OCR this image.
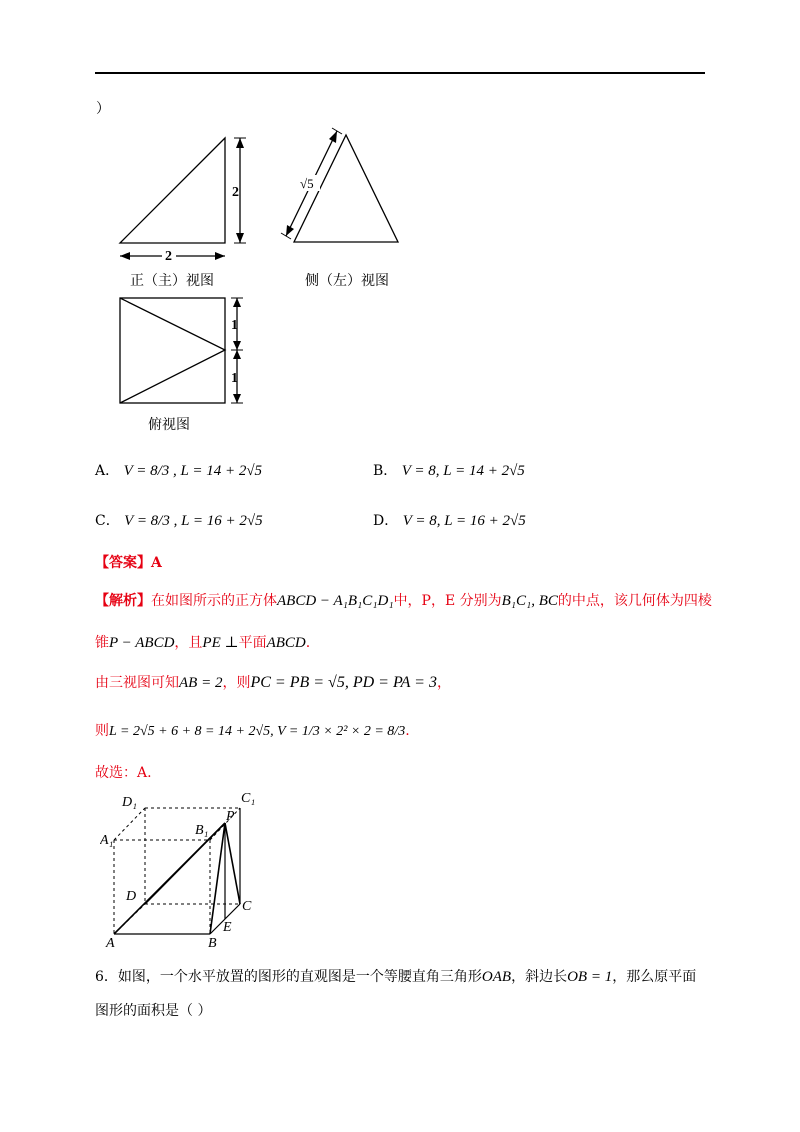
）
2
2
正（主）视图
√5
侧（左）视图
1
1
俯视图
A． V = 8/3 , L = 14 + 2√5	B． V = 8, L = 14 + 2√5
C． V = 8/3 , L = 16 + 2√5	D． V = 8, L = 16 + 2√5
【答案】A
【解析】在如图所示的正方体ABCD − A₁B₁C₁D₁中，P，E 分别为B₁C₁, BC的中点，该几何体为四棱
锥P − ABCD，且PE ⊥平面ABCD.
由三视图可知AB = 2，则PC = PB = √5, PD = PA = 3，
则L = 2√5 + 6 + 8 = 14 + 2√5, V = 1/3 × 2² × 2 = 8/3.
故选：A.
D₁	C₁
A₁
B₁
P
D
C
E
A	B
6．如图，一个水平放置的图形的直观图是一个等腰直角三角形OAB，斜边长OB = 1，那么原平面
图形的面积是（ ）
